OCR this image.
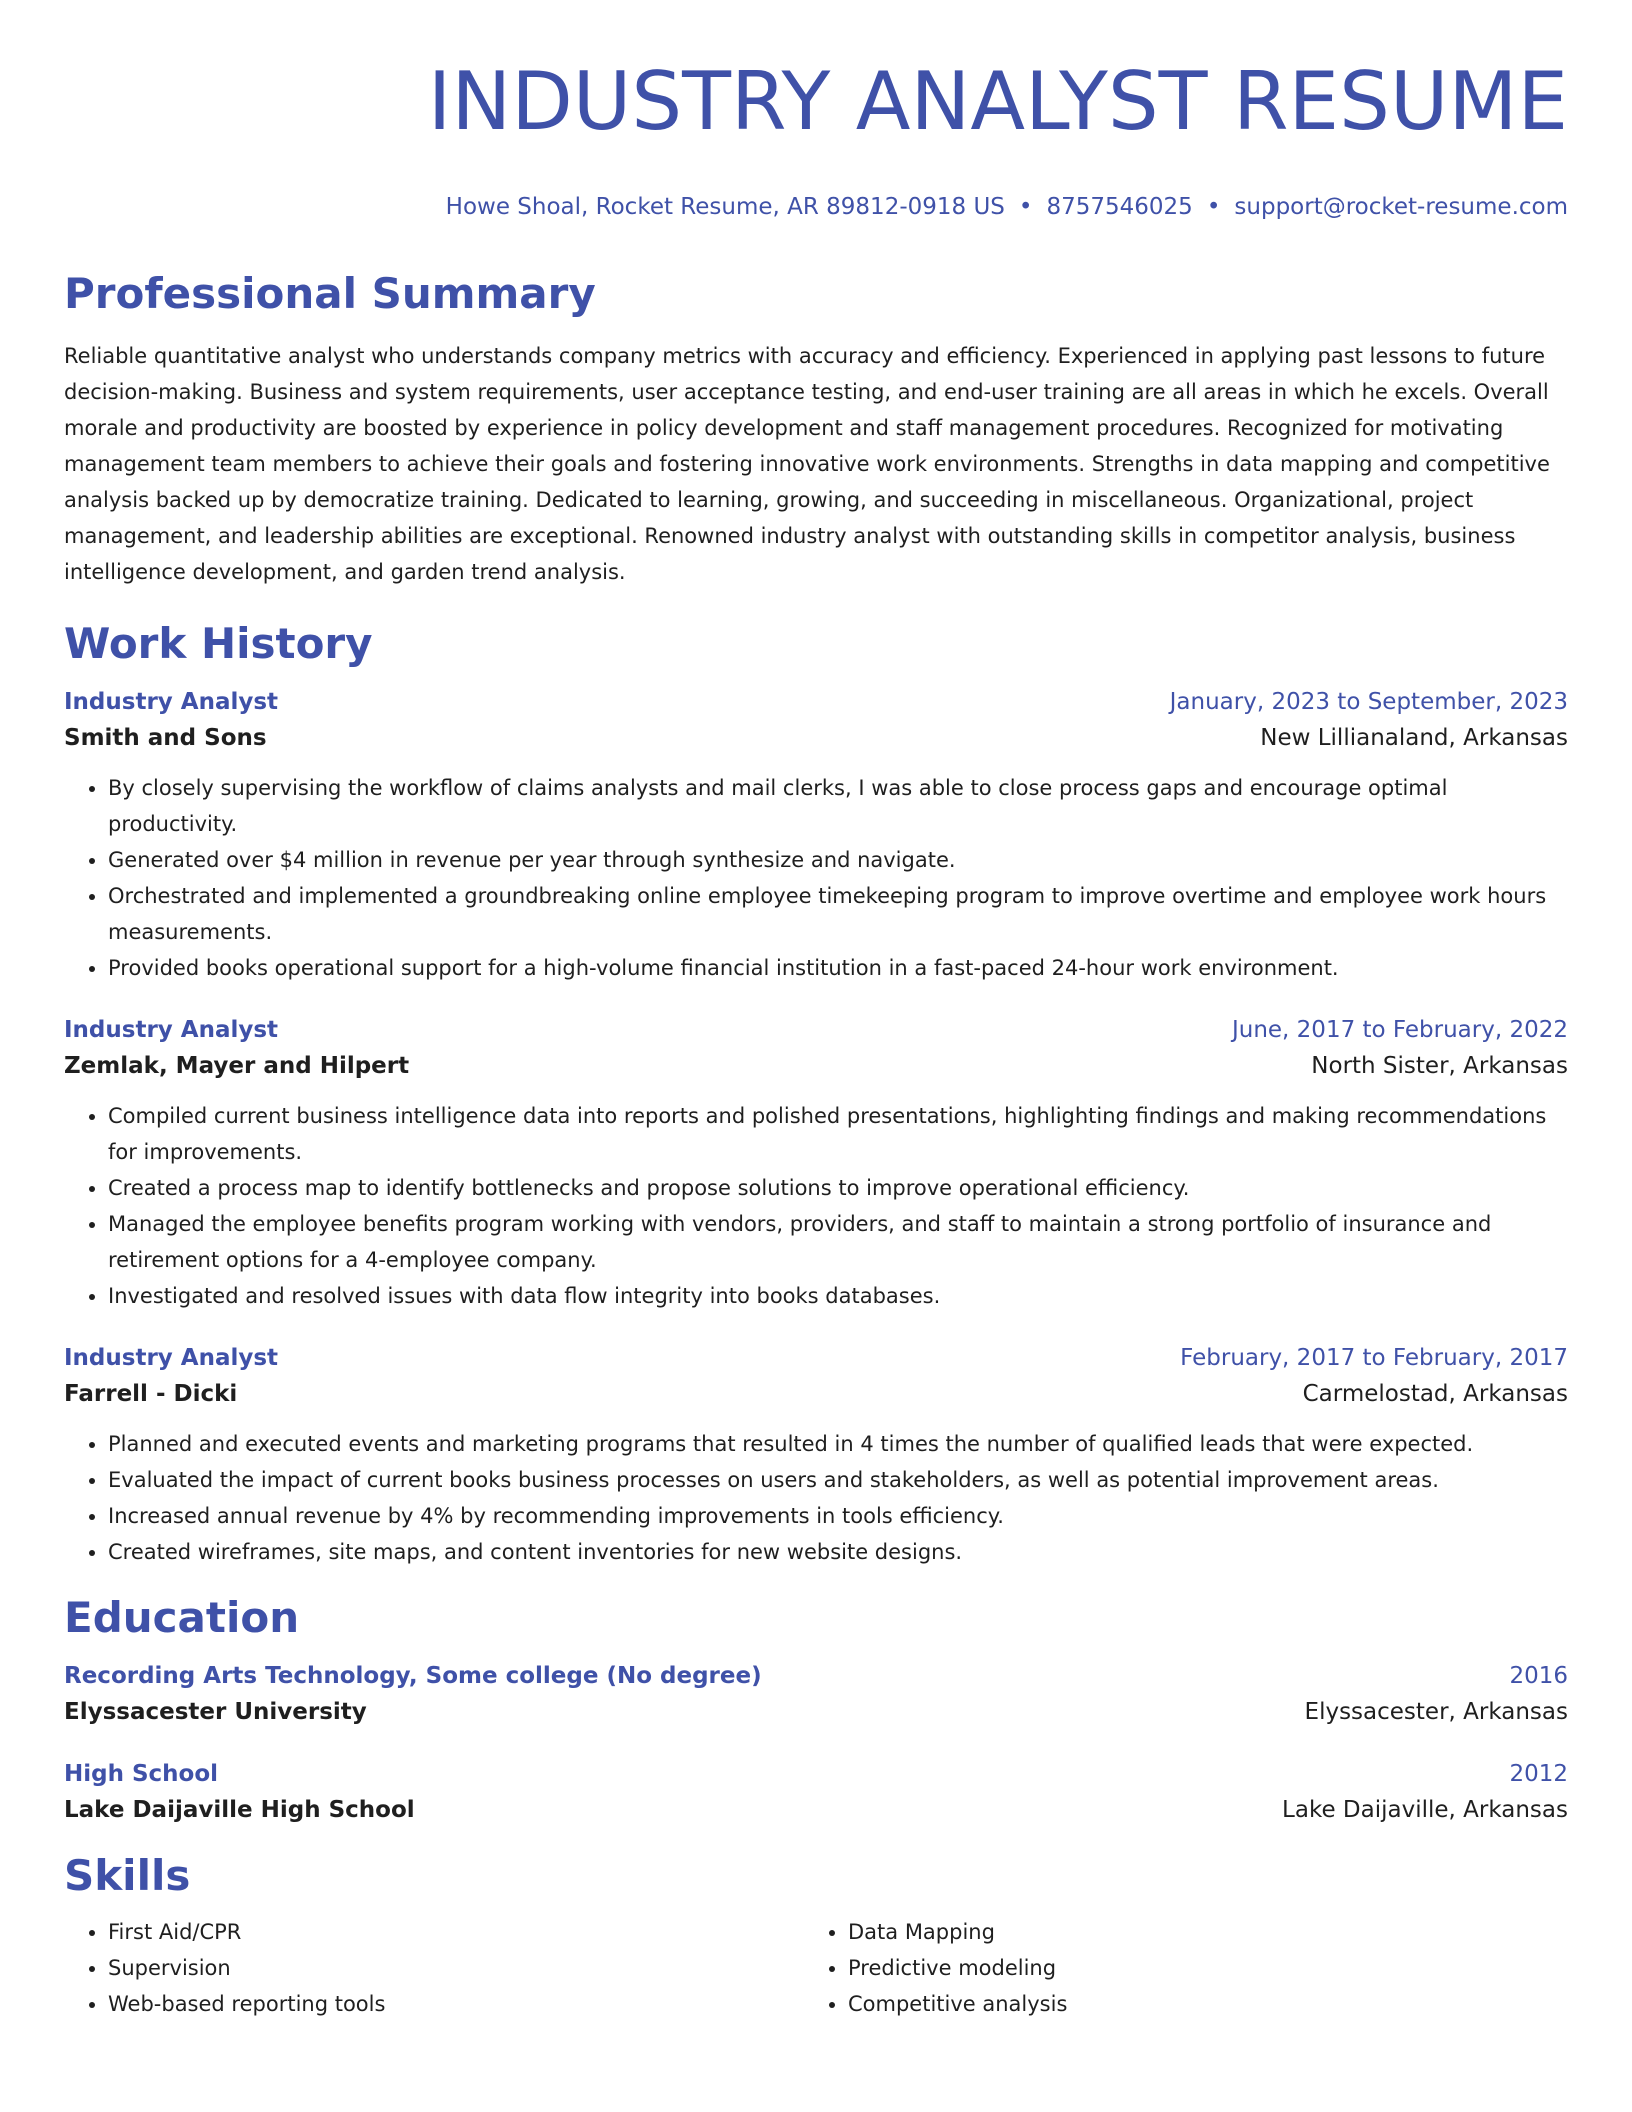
INDUSTRY ANALYST RESUME
Howe Shoal, Rocket Resume, AR 89812-0918 US • 8757546025 • support@rocket-resume.com
Professional Summary
Reliable quantitative analyst who understands company metrics with accuracy and efficiency. Experienced in applying past lessons to future decision-making. Business and system requirements, user acceptance testing, and end-user training are all areas in which he excels. Overall morale and productivity are boosted by experience in policy development and staff management procedures. Recognized for motivating management team members to achieve their goals and fostering innovative work environments. Strengths in data mapping and competitive analysis backed up by democratize training. Dedicated to learning, growing, and succeeding in miscellaneous. Organizational, project management, and leadership abilities are exceptional. Renowned industry analyst with outstanding skills in competitor analysis, business intelligence development, and garden trend analysis.
Work History
Industry Analyst	January, 2023 to September, 2023
Smith and Sons	New Lillianaland, Arkansas
• By closely supervising the workflow of claims analysts and mail clerks, I was able to close process gaps and encourage optimal productivity.
• Generated over $4 million in revenue per year through synthesize and navigate.
• Orchestrated and implemented a groundbreaking online employee timekeeping program to improve overtime and employee work hours measurements.
• Provided books operational support for a high-volume financial institution in a fast-paced 24-hour work environment.
Industry Analyst	June, 2017 to February, 2022
Zemlak, Mayer and Hilpert	North Sister, Arkansas
• Compiled current business intelligence data into reports and polished presentations, highlighting findings and making recommendations for improvements.
• Created a process map to identify bottlenecks and propose solutions to improve operational efficiency.
• Managed the employee benefits program working with vendors, providers, and staff to maintain a strong portfolio of insurance and retirement options for a 4-employee company.
• Investigated and resolved issues with data flow integrity into books databases.
Industry Analyst	February, 2017 to February, 2017
Farrell - Dicki	Carmelostad, Arkansas
• Planned and executed events and marketing programs that resulted in 4 times the number of qualified leads that were expected.
• Evaluated the impact of current books business processes on users and stakeholders, as well as potential improvement areas.
• Increased annual revenue by 4% by recommending improvements in tools efficiency.
• Created wireframes, site maps, and content inventories for new website designs.
Education
Recording Arts Technology, Some college (No degree)	2016
Elyssacester University	Elyssacester, Arkansas
High School	2012
Lake Daijaville High School	Lake Daijaville, Arkansas
Skills
• First Aid/CPR
• Supervision
• Web-based reporting tools
• Data Mapping
• Predictive modeling
• Competitive analysis
